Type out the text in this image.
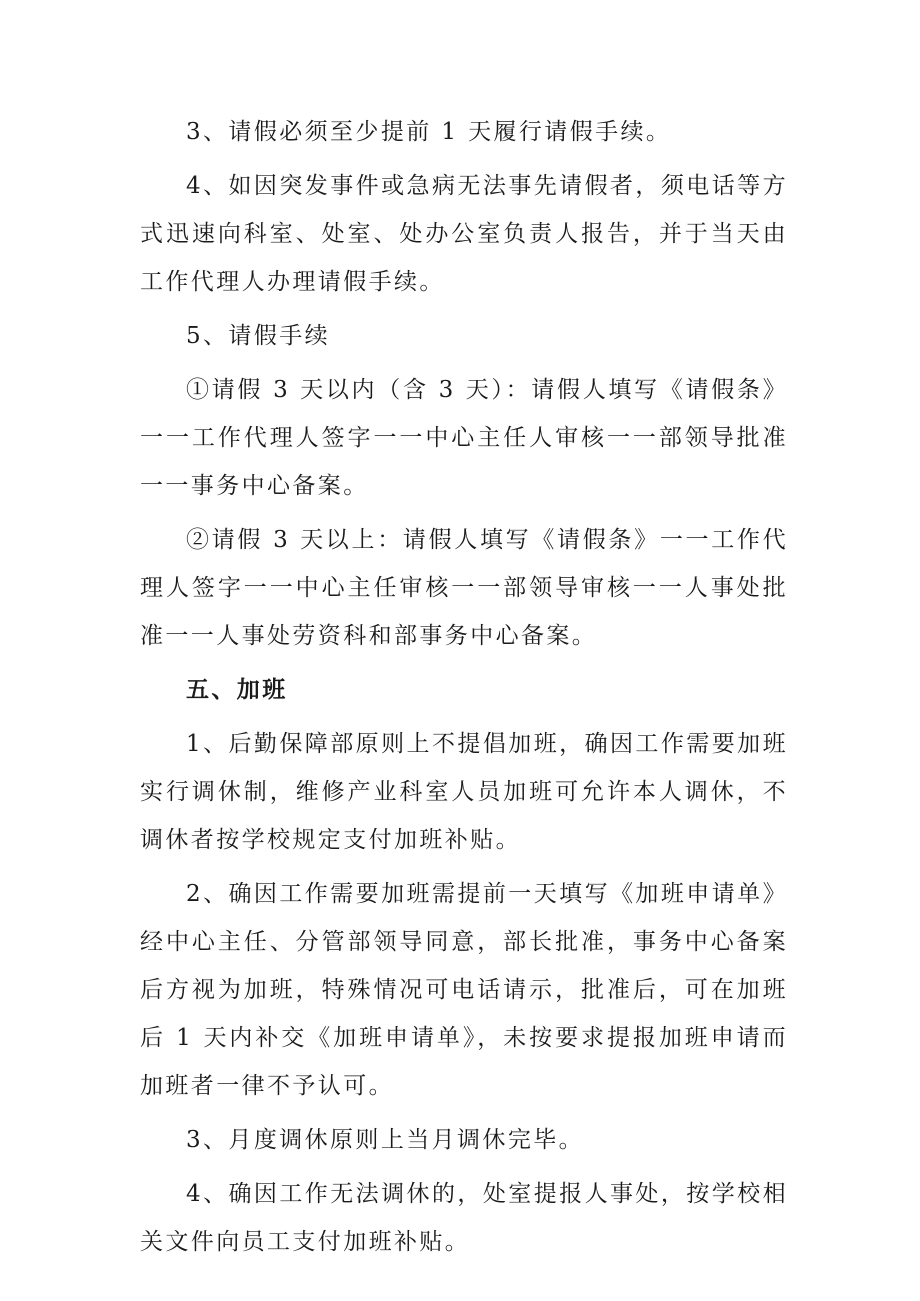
3、请假必须至少提前 1 天履行请假手续。

4、如因突发事件或急病无法事先请假者，须电话等方式迅速向科室、处室、处办公室负责人报告，并于当天由工作代理人办理请假手续。

5、请假手续

①请假 3 天以内（含 3 天）：请假人填写《请假条》一一工作代理人签字一一中心主任人审核一一部领导批准一一事务中心备案。

②请假 3 天以上：请假人填写《请假条》一一工作代理人签字一一中心主任审核一一部领导审核一一人事处批准一一人事处劳资科和部事务中心备案。

五、加班

1、后勤保障部原则上不提倡加班，确因工作需要加班实行调休制，维修产业科室人员加班可允许本人调休，不调休者按学校规定支付加班补贴。

2、确因工作需要加班需提前一天填写《加班申请单》经中心主任、分管部领导同意，部长批准，事务中心备案后方视为加班，特殊情况可电话请示，批准后，可在加班后 1 天内补交《加班申请单》，未按要求提报加班申请而加班者一律不予认可。

3、月度调休原则上当月调休完毕。

4、确因工作无法调休的，处室提报人事处，按学校相关文件向员工支付加班补贴。
